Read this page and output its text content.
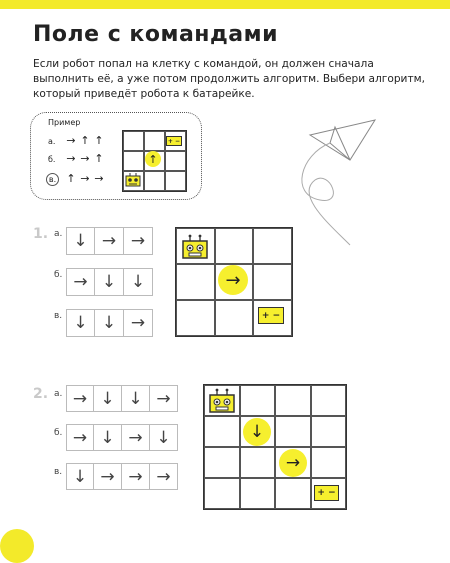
Поле с командами
Если робот попал на клетку с командой, он должен сначала выполнить её, а уже потом продолжить алгоритм. Выбери алгоритм, который приведёт робота к батарейке.
Пример
а. → ↑ ↑
б. → → ↑
в. ↑ → →
↑
+ −
1. а. ↓ → →
б. → ↓ ↓
в. ↓ ↓ →
→
+ −
2. а. → ↓ ↓ →
б. → ↓ → ↓
в. ↓ → → →
↓
→
+ −
